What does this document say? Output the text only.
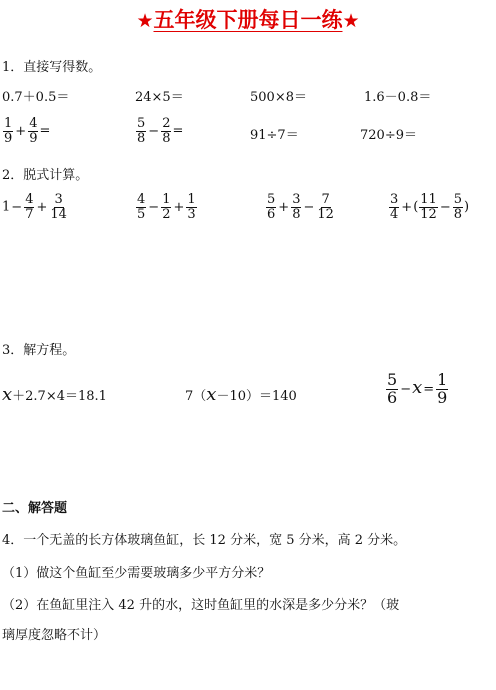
★五年级下册每日一练★
1．直接写得数。
0.7＋0.5＝	24×5＝	500×8＝	1.6－0.8＝
$\frac{1}{9} + \frac{4}{9}$ =	$\frac{5}{8} - \frac{2}{8}$ =	91÷7＝	720÷9＝
2．脱式计算。
$1- \frac{4}{7} + \frac{3}{14}$	$\frac{4}{5} - \frac{1}{2} + \frac{1}{3}$	$\frac{5}{6} + \frac{3}{8} - \frac{7}{12}$	$\frac{3}{4}$ +( $\frac{11}{12} - \frac{5}{8}$ )
3．解方程。
x＋2.7×4＝18.1	7（x－10）＝140	$\frac{5}{6} -x= \frac{1}{9}$
二、解答题
4．一个无盖的长方体玻璃鱼缸，长 12 分米，宽 5 分米，高 2 分米。
（1）做这个鱼缸至少需要玻璃多少平方分米？
（2）在鱼缸里注入 42 升的水，这时鱼缸里的水深是多少分米？（玻
璃厚度忽略不计）
